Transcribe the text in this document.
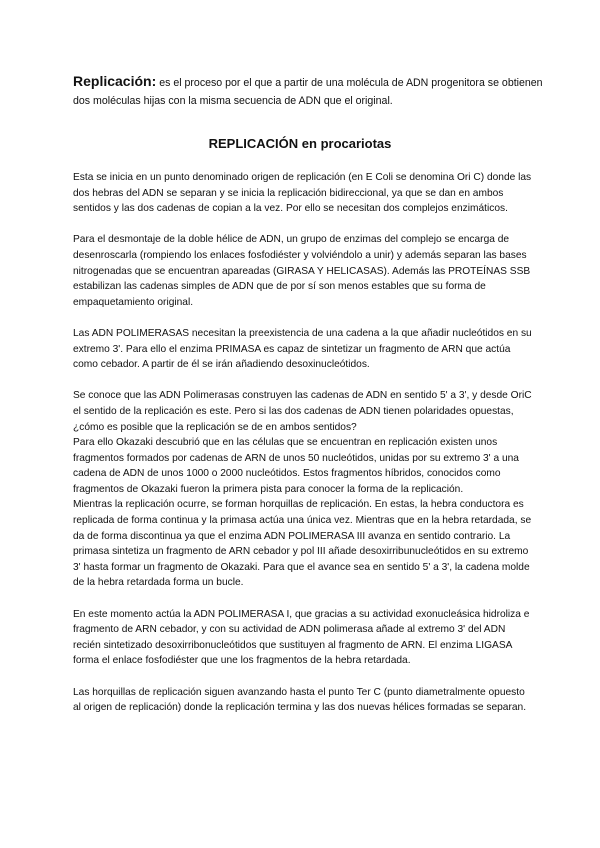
Replicación: es el proceso por el que a partir de una molécula de ADN progenitora se obtienen dos moléculas hijas con la misma secuencia de ADN que el original.
REPLICACIÓN en procariotas

Esta se inicia en un punto denominado origen de replicación (en E Coli se denomina Ori C) donde las dos hebras del ADN se separan y se inicia la replicación bidireccional, ya que se dan en ambos sentidos y las dos cadenas de copian a la vez. Por ello se necesitan dos complejos enzimáticos.

Para el desmontaje de la doble hélice de ADN, un grupo de enzimas del complejo se encarga de desenroscarla (rompiendo los enlaces fosfodiéster y volviéndolo a unir) y además separan las bases nitrogenadas que se encuentran apareadas (GIRASA Y HELICASAS). Además las PROTEÍNAS SSB estabilizan las cadenas simples de ADN que de por sí son menos estables que su forma de empaquetamiento original.

Las ADN POLIMERASAS necesitan la preexistencia de una cadena a la que añadir nucleótidos en su extremo 3'. Para ello el enzima PRIMASA es capaz de sintetizar un fragmento de ARN que actúa como cebador. A partir de él se irán añadiendo desoxinucleótidos.

Se conoce que las ADN Polimerasas construyen las cadenas de ADN en sentido 5' a 3', y desde OriC el sentido de la replicación es este. Pero si las dos cadenas de ADN tienen polaridades opuestas, ¿cómo es posible que la replicación se de en ambos sentidos?

Para ello Okazaki descubrió que en las células que se encuentran en replicación existen unos fragmentos formados por cadenas de ARN de unos 50 nucleótidos, unidas por su extremo 3' a una cadena de ADN de unos 1000 o 2000 nucleótidos. Estos fragmentos híbridos, conocidos como fragmentos de Okazaki fueron la primera pista para conocer la forma de la replicación.

Mientras la replicación ocurre, se forman horquillas de replicación. En estas, la hebra conductora es replicada de forma continua y la primasa actúa una única vez. Mientras que en la hebra retardada, se da de forma discontinua ya que el enzima ADN POLIMERASA III avanza en sentido contrario. La primasa sintetiza un fragmento de ARN cebador y pol III añade desoxirribunucleótidos en su extremo 3' hasta formar un fragmento de Okazaki. Para que el avance sea en sentido 5' a 3', la cadena molde de la hebra retardada forma un bucle.

En este momento actúa la ADN POLIMERASA I, que gracias a su actividad exonucleásica hidroliza e fragmento de ARN cebador, y con su actividad de ADN polimerasa añade al extremo 3' del ADN recién sintetizado desoxirribonucleótidos que sustituyen al fragmento de ARN. El enzima LIGASA forma el enlace fosfodiéster que une los fragmentos de la hebra retardada.

Las horquillas de replicación siguen avanzando hasta el punto Ter C (punto diametralmente opuesto al origen de replicación) donde la replicación termina y las dos nuevas hélices formadas se separan.
